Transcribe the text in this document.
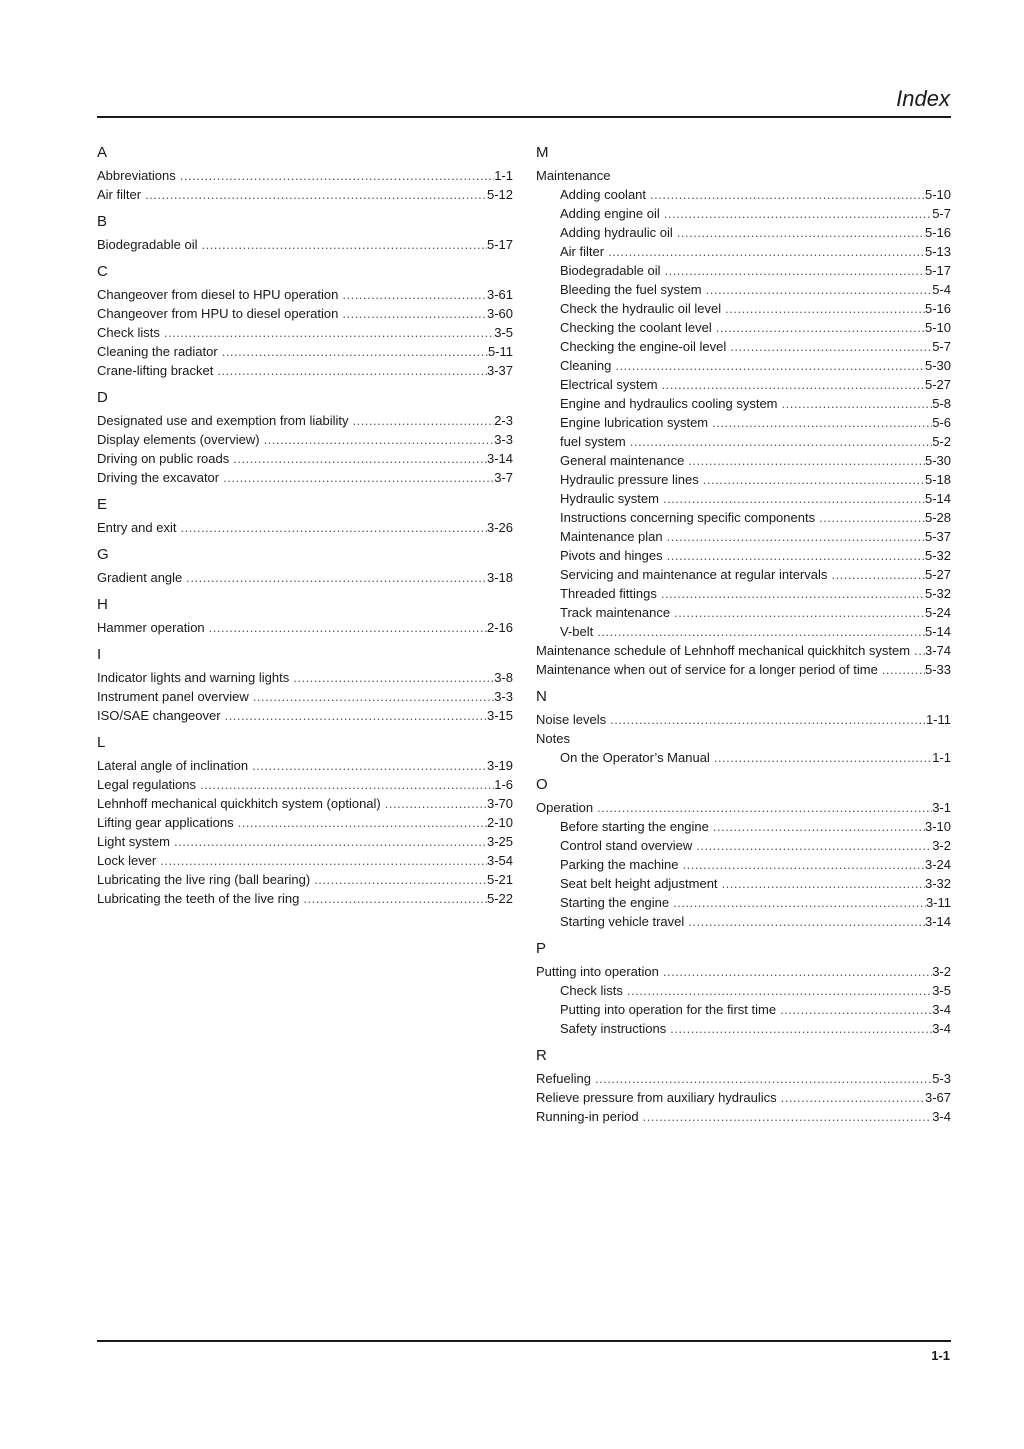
Index
A
Abbreviations .....	1-1
Air filter .....	5-12
B
Biodegradable oil .....	5-17
C
Changeover from diesel to HPU operation .....	3-61
Changeover from HPU to diesel operation .....	3-60
Check lists .....	3-5
Cleaning the radiator .....	5-11
Crane-lifting bracket .....	3-37
D
Designated use and exemption from liability .....	2-3
Display elements (overview) .....	3-3
Driving on public roads .....	3-14
Driving the excavator .....	3-7
E
Entry and exit .....	3-26
G
Gradient angle .....	3-18
H
Hammer operation .....	2-16
I
Indicator lights and warning lights .....	3-8
Instrument panel overview .....	3-3
ISO/SAE changeover .....	3-15
L
Lateral angle of inclination .....	3-19
Legal regulations .....	1-6
Lehnhoff mechanical quickhitch system (optional) .....	3-70
Lifting gear applications .....	2-10
Light system .....	3-25
Lock lever .....	3-54
Lubricating the live ring (ball bearing) .....	5-21
Lubricating the teeth of the live ring .....	5-22
M
Maintenance
Adding coolant .....	5-10
Adding engine oil .....	5-7
Adding hydraulic oil .....	5-16
Air filter .....	5-13
Biodegradable oil .....	5-17
Bleeding the fuel system .....	5-4
Check the hydraulic oil level .....	5-16
Checking the coolant level .....	5-10
Checking the engine-oil level .....	5-7
Cleaning .....	5-30
Electrical system .....	5-27
Engine and hydraulics cooling system .....	5-8
Engine lubrication system .....	5-6
fuel system .....	5-2
General maintenance .....	5-30
Hydraulic pressure lines .....	5-18
Hydraulic system .....	5-14
Instructions concerning specific components .....	5-28
Maintenance plan .....	5-37
Pivots and hinges .....	5-32
Servicing and maintenance at regular intervals .....	5-27
Threaded fittings .....	5-32
Track maintenance .....	5-24
V-belt .....	5-14
Maintenance schedule of Lehnhoff mechanical quickhitch system ..... 3-74
Maintenance when out of service for a longer period of time .....	5-33
N
Noise levels .....	1-11
Notes
On the Operator’s Manual .....	1-1
O
Operation .....	3-1
Before starting the engine .....	3-10
Control stand overview .....	3-2
Parking the machine .....	3-24
Seat belt height adjustment .....	3-32
Starting the engine .....	3-11
Starting vehicle travel .....	3-14
P
Putting into operation .....	3-2
Check lists .....	3-5
Putting into operation for the first time .....	3-4
Safety instructions .....	3-4
R
Refueling .....	5-3
Relieve pressure from auxiliary hydraulics .....	3-67
Running-in period .....	3-4
1-1
